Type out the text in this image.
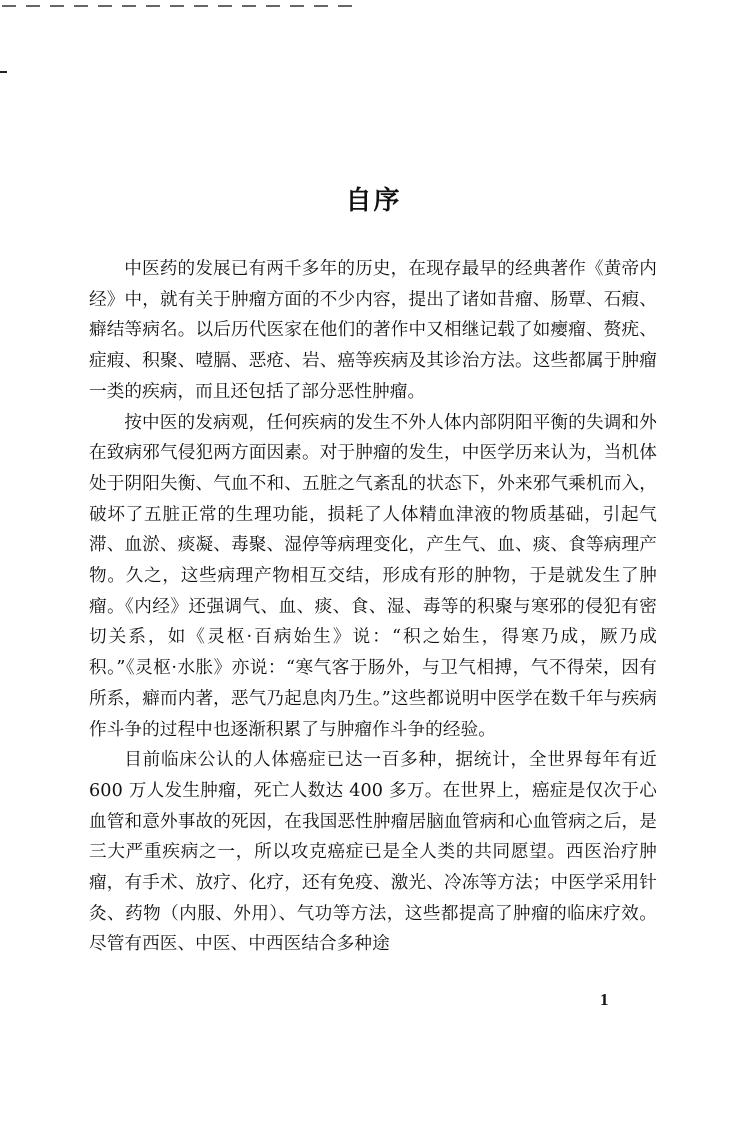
自序

中医药的发展已有两千多年的历史，在现存最早的经典著作《黄帝内经》中，就有关于肿瘤方面的不少内容，提出了诸如昔瘤、肠覃、石瘕、癖结等病名。以后历代医家在他们的著作中又相继记载了如瘿瘤、赘疣、症瘕、积聚、噎膈、恶疮、岩、癌等疾病及其诊治方法。这些都属于肿瘤一类的疾病，而且还包括了部分恶性肿瘤。

按中医的发病观，任何疾病的发生不外人体内部阴阳平衡的失调和外在致病邪气侵犯两方面因素。对于肿瘤的发生，中医学历来认为，当机体处于阴阳失衡、气血不和、五脏之气紊乱的状态下，外来邪气乘机而入，破坏了五脏正常的生理功能，损耗了人体精血津液的物质基础，引起气滞、血淤、痰凝、毒聚、湿停等病理变化，产生气、血、痰、食等病理产物。久之，这些病理产物相互交结，形成有形的肿物，于是就发生了肿瘤。《内经》还强调气、血、痰、食、湿、毒等的积聚与寒邪的侵犯有密切关系，如《灵枢·百病始生》说：“积之始生，得寒乃成，厥乃成积。”《灵枢·水胀》亦说：“寒气客于肠外，与卫气相搏，气不得荣，因有所系，癖而内著，恶气乃起息肉乃生。”这些都说明中医学在数千年与疾病作斗争的过程中也逐渐积累了与肿瘤作斗争的经验。

目前临床公认的人体癌症已达一百多种，据统计，全世界每年有近 600 万人发生肿瘤，死亡人数达 400 多万。在世界上，癌症是仅次于心血管和意外事故的死因，在我国恶性肿瘤居脑血管病和心血管病之后，是三大严重疾病之一，所以攻克癌症已是全人类的共同愿望。西医治疗肿瘤，有手术、放疗、化疗，还有免疫、激光、冷冻等方法；中医学采用针灸、药物（内服、外用）、气功等方法，这些都提高了肿瘤的临床疗效。尽管有西医、中医、中西医结合多种途

1
